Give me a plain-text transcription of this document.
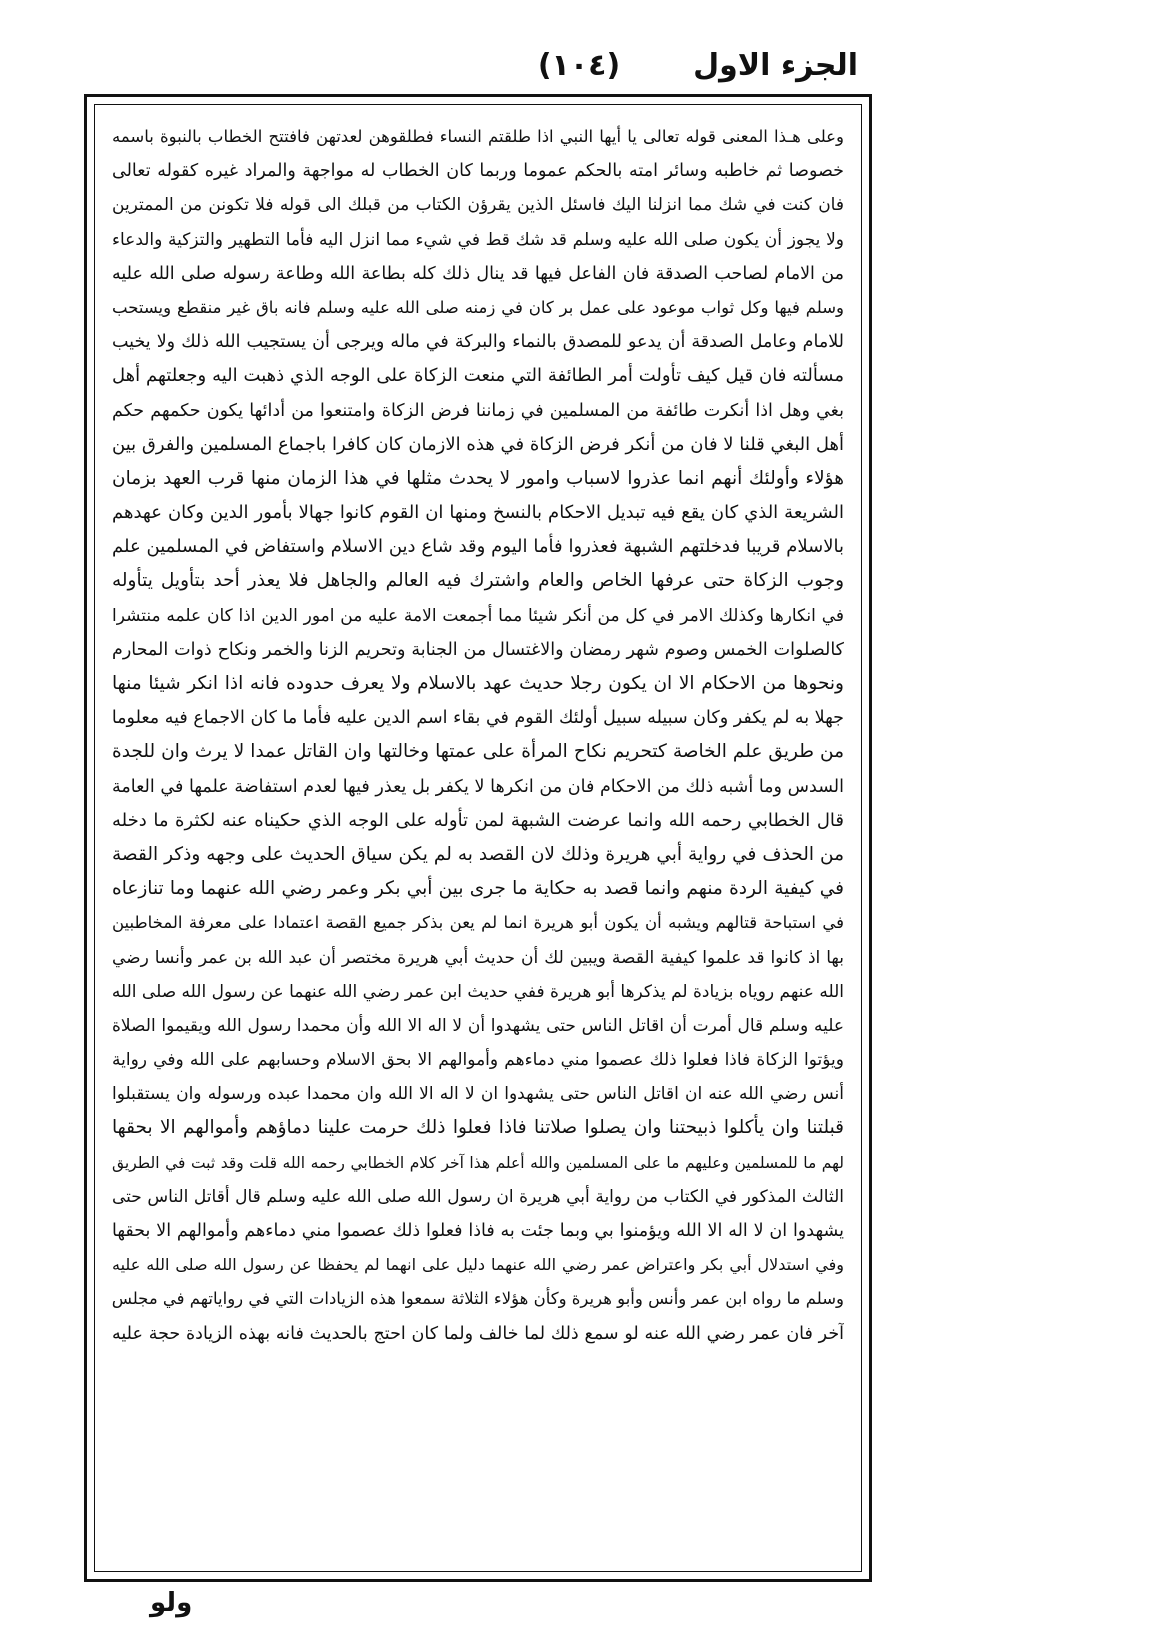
الجزء الاول
(١٠٤)
وعلى هـذا المعنى قوله تعالى يا أيها النبي اذا طلقتم النساء فطلقوهن لعدتهن فافتتح الخطاب بالنبوة باسمه
خصوصا ثم خاطبه وسائر امته بالحكم عموما وربما كان الخطاب له مواجهة والمراد غيره كقوله تعالى
فان كنت في شك مما انزلنا اليك فاسئل الذين يقرؤن الكتاب من قبلك الى قوله فلا تكونن من الممترين
ولا يجوز أن يكون صلى الله عليه وسلم قد شك قط في شيء مما انزل اليه فأما التطهير والتزكية والدعاء
من الامام لصاحب الصدقة فان الفاعل فيها قد ينال ذلك كله بطاعة الله وطاعة رسوله صلى الله عليه
وسلم فيها وكل ثواب موعود على عمل بر كان في زمنه صلى الله عليه وسلم فانه باق غير منقطع ويستحب
للامام وعامل الصدقة أن يدعو للمصدق بالنماء والبركة في ماله ويرجى أن يستجيب الله ذلك ولا يخيب
مسألته فان قيل كيف تأولت أمر الطائفة التي منعت الزكاة على الوجه الذي ذهبت اليه وجعلتهم أهل
بغي وهل اذا أنكرت طائفة من المسلمين في زماننا فرض الزكاة وامتنعوا من أدائها يكون حكمهم حكم
أهل البغي قلنا لا فان من أنكر فرض الزكاة في هذه الازمان كان كافرا باجماع المسلمين والفرق بين
هؤلاء وأولئك أنهم انما عذروا لاسباب وامور لا يحدث مثلها في هذا الزمان منها قرب العهد بزمان
الشريعة الذي كان يقع فيه تبديل الاحكام بالنسخ ومنها ان القوم كانوا جهالا بأمور الدين وكان عهدهم
بالاسلام قريبا فدخلتهم الشبهة فعذروا فأما اليوم وقد شاع دين الاسلام واستفاض في المسلمين علم
وجوب الزكاة حتى عرفها الخاص والعام واشترك فيه العالم والجاهل فلا يعذر أحد بتأويل يتأوله
في انكارها وكذلك الامر في كل من أنكر شيئا مما أجمعت الامة عليه من امور الدين اذا كان علمه منتشرا
كالصلوات الخمس وصوم شهر رمضان والاغتسال من الجنابة وتحريم الزنا والخمر ونكاح ذوات المحارم
ونحوها من الاحكام الا ان يكون رجلا حديث عهد بالاسلام ولا يعرف حدوده فانه اذا انكر شيئا منها
جهلا به لم يكفر وكان سبيله سبيل أولئك القوم في بقاء اسم الدين عليه فأما ما كان الاجماع فيه معلوما
من طريق علم الخاصة كتحريم نكاح المرأة على عمتها وخالتها وان القاتل عمدا لا يرث وان للجدة
السدس وما أشبه ذلك من الاحكام فان من انكرها لا يكفر بل يعذر فيها لعدم استفاضة علمها في العامة
قال الخطابي رحمه الله وانما عرضت الشبهة لمن تأوله على الوجه الذي حكيناه عنه لكثرة ما دخله
من الحذف في رواية أبي هريرة وذلك لان القصد به لم يكن سياق الحديث على وجهه وذكر القصة
في كيفية الردة منهم وانما قصد به حكاية ما جرى بين أبي بكر وعمر رضي الله عنهما وما تنازعاه
في استباحة قتالهم ويشبه أن يكون أبو هريرة انما لم يعن بذكر جميع القصة اعتمادا على معرفة المخاطبين
بها اذ كانوا قد علموا كيفية القصة ويبين لك أن حديث أبي هريرة مختصر أن عبد الله بن عمر وأنسا رضي
الله عنهم روياه بزيادة لم يذكرها أبو هريرة ففي حديث ابن عمر رضي الله عنهما عن رسول الله صلى الله
عليه وسلم قال أمرت أن اقاتل الناس حتى يشهدوا أن لا اله الا الله وأن محمدا رسول الله ويقيموا الصلاة
ويؤتوا الزكاة فاذا فعلوا ذلك عصموا مني دماءهم وأموالهم الا بحق الاسلام وحسابهم على الله وفي رواية
أنس رضي الله عنه ان اقاتل الناس حتى يشهدوا ان لا اله الا الله وان محمدا عبده ورسوله وان يستقبلوا
قبلتنا وان يأكلوا ذبيحتنا وان يصلوا صلاتنا فاذا فعلوا ذلك حرمت علينا دماؤهم وأموالهم الا بحقها
لهم ما للمسلمين وعليهم ما على المسلمين والله أعلم هذا آخر كلام الخطابي رحمه الله قلت وقد ثبت في الطريق
الثالث المذكور في الكتاب من رواية أبي هريرة ان رسول الله صلى الله عليه وسلم قال أقاتل الناس حتى
يشهدوا ان لا اله الا الله ويؤمنوا بي وبما جئت به فاذا فعلوا ذلك عصموا مني دماءهم وأموالهم الا بحقها
وفي استدلال أبي بكر واعتراض عمر رضي الله عنهما دليل على انهما لم يحفظا عن رسول الله صلى الله عليه
وسلم ما رواه ابن عمر وأنس وأبو هريرة وكأن هؤلاء الثلاثة سمعوا هذه الزيادات التي في رواياتهم في مجلس
آخر فان عمر رضي الله عنه لو سمع ذلك لما خالف ولما كان احتج بالحديث فانه بهذه الزيادة حجة عليه
ولو
